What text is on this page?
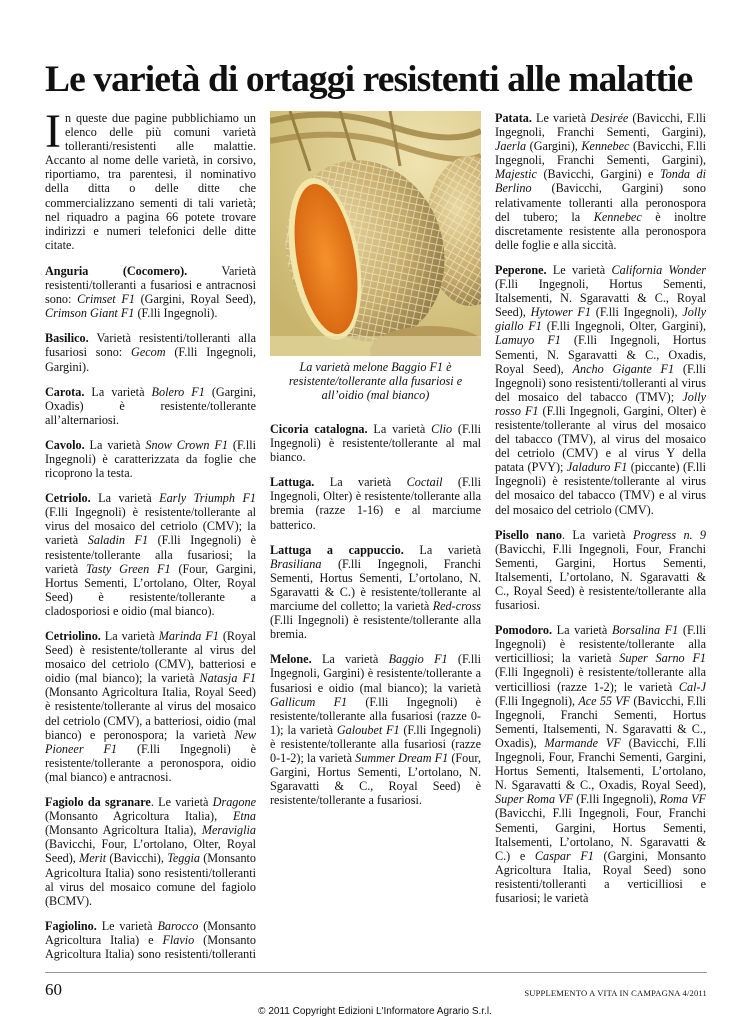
Le varietà di ortaggi resistenti alle malattie

In queste due pagine pubblichiamo un elenco delle più comuni varietà tolleranti/resistenti alle malattie. Accanto al nome delle varietà, in corsivo, riportiamo, tra parentesi, il nominativo della ditta o delle ditte che commercializzano sementi di tali varietà; nel riquadro a pagina 66 potete trovare indirizzi e numeri telefonici delle ditte citate.

Anguria (Cocomero). Varietà resistenti/tolleranti a fusariosi e antracnosi sono: Crimset F1 (Gargini, Royal Seed), Crimson Giant F1 (F.lli Ingegnoli).

Basilico. Varietà resistenti/tolleranti alla fusariosi sono: Gecom (F.lli Ingegnoli, Gargini).

Carota. La varietà Bolero F1 (Gargini, Oxadis) è resistente/tollerante all’alternariosi.

Cavolo. La varietà Snow Crown F1 (F.lli Ingegnoli) è caratterizzata da foglie che ricoprono la testa.

Cetriolo. La varietà Early Triumph F1 (F.lli Ingegnoli) è resistente/tollerante al virus del mosaico del cetriolo (CMV); la varietà Saladin F1 (F.lli Ingegnoli) è resistente/tollerante alla fusariosi; la varietà Tasty Green F1 (Four, Gargini, Hortus Sementi, L’ortolano, Olter, Royal Seed) è resistente/tollerante a cladosporiosi e oidio (mal bianco).

Cetriolino. La varietà Marinda F1 (Royal Seed) è resistente/tollerante al virus del mosaico del cetriolo (CMV), batteriosi e oidio (mal bianco); la varietà Natasja F1 (Monsanto Agricoltura Italia, Royal Seed) è resistente/tollerante al virus del mosaico del cetriolo (CMV), a batteriosi, oidio (mal bianco) e peronospora; la varietà New Pioneer F1 (F.lli Ingegnoli) è resistente/tollerante a peronospora, oidio (mal bianco) e antracnosi.

Fagiolo da sgranare. Le varietà Dragone (Monsanto Agricoltura Italia), Etna (Monsanto Agricoltura Italia), Meraviglia (Bavicchi, Four, L’ortolano, Olter, Royal Seed), Merit (Bavicchi), Teggia (Monsanto Agricoltura Italia) sono resistenti/tolleranti al virus del mosaico comune del fagiolo (BCMV).

Fagiolino. Le varietà Barocco (Monsanto Agricoltura Italia) e Flavio (Monsanto Agricoltura Italia) sono resistenti/tolleranti

La varietà melone Baggio F1 è resistente/tollerante alla fusariosi e all’oidio (mal bianco)

Cicoria catalogna. La varietà Clio (F.lli Ingegnoli) è resistente/tollerante al mal bianco.

Lattuga. La varietà Coctail (F.lli Ingegnoli, Olter) è resistente/tollerante alla bremia (razze 1-16) e al marciume batterico.

Lattuga a cappuccio. La varietà Brasiliana (F.lli Ingegnoli, Franchi Sementi, Hortus Sementi, L’ortolano, N. Sgaravatti & C.) è resistente/tollerante al marciume del colletto; la varietà Red-cross (F.lli Ingegnoli) è resistente/tollerante alla bremia.

Melone. La varietà Baggio F1 (F.lli Ingegnoli, Gargini) è resistente/tollerante a fusariosi e oidio (mal bianco); la varietà Gallicum F1 (F.lli Ingegnoli) è resistente/tollerante alla fusariosi (razze 0-1); la varietà Galoubet F1 (F.lli Ingegnoli) è resistente/tollerante alla fusariosi (razze 0-1-2); la varietà Summer Dream F1 (Four, Gargini, Hortus Sementi, L’ortolano, N. Sgaravatti & C., Royal Seed) è resistente/tollerante a fusariosi.

Patata. Le varietà Desirée (Bavicchi, F.lli Ingegnoli, Franchi Sementi, Gargini), Jaerla (Gargini), Kennebec (Bavicchi, F.lli Ingegnoli, Franchi Sementi, Gargini), Majestic (Bavicchi, Gargini) e Tonda di Berlino (Bavicchi, Gargini) sono relativamente tolleranti alla peronospora del tubero; la Kennebec è inoltre discretamente resistente alla peronospora delle foglie e alla siccità.

Peperone. Le varietà California Wonder (F.lli Ingegnoli, Hortus Sementi, Italsementi, N. Sgaravatti & C., Royal Seed), Hytower F1 (F.lli Ingegnoli), Jolly giallo F1 (F.lli Ingegnoli, Olter, Gargini), Lamuyo F1 (F.lli Ingegnoli, Hortus Sementi, N. Sgaravatti & C., Oxadis, Royal Seed), Ancho Gigante F1 (F.lli Ingegnoli) sono resistenti/tolleranti al virus del mosaico del tabacco (TMV); Jolly rosso F1 (F.lli Ingegnoli, Gargini, Olter) è resistente/tollerante al virus del mosaico del tabacco (TMV), al virus del mosaico del cetriolo (CMV) e al virus Y della patata (PVY); Jaladuro F1 (piccante) (F.lli Ingegnoli) è resistente/tollerante al virus del mosaico del tabacco (TMV) e al virus del mosaico del cetriolo (CMV).

Pisello nano. La varietà Progress n. 9 (Bavicchi, F.lli Ingegnoli, Four, Franchi Sementi, Gargini, Hortus Sementi, Italsementi, L’ortolano, N. Sgaravatti & C., Royal Seed) è resistente/tollerante alla fusariosi.

Pomodoro. La varietà Borsalina F1 (F.lli Ingegnoli) è resistente/tollerante alla verticilliosi; la varietà Super Sarno F1 (F.lli Ingegnoli) è resistente/tollerante alla verticilliosi (razze 1-2); le varietà Cal-J (F.lli Ingegnoli), Ace 55 VF (Bavicchi, F.lli Ingegnoli, Franchi Sementi, Hortus Sementi, Italsementi, N. Sgaravatti & C., Oxadis), Marmande VF (Bavicchi, F.lli Ingegnoli, Four, Franchi Sementi, Gargini, Hortus Sementi, Italsementi, L’ortolano, N. Sgaravatti & C., Oxadis, Royal Seed), Super Roma VF (F.lli Ingegnoli), Roma VF (Bavicchi, F.lli Ingegnoli, Four, Franchi Sementi, Gargini, Hortus Sementi, Italsementi, L’ortolano, N. Sgaravatti & C.) e Caspar F1 (Gargini, Monsanto Agricoltura Italia, Royal Seed) sono resistenti/tolleranti a verticilliosi e fusariosi; le varietà

60	SUPPLEMENTO A VITA IN CAMPAGNA 4/2011
© 2011 Copyright Edizioni L'Informatore Agrario S.r.l.
